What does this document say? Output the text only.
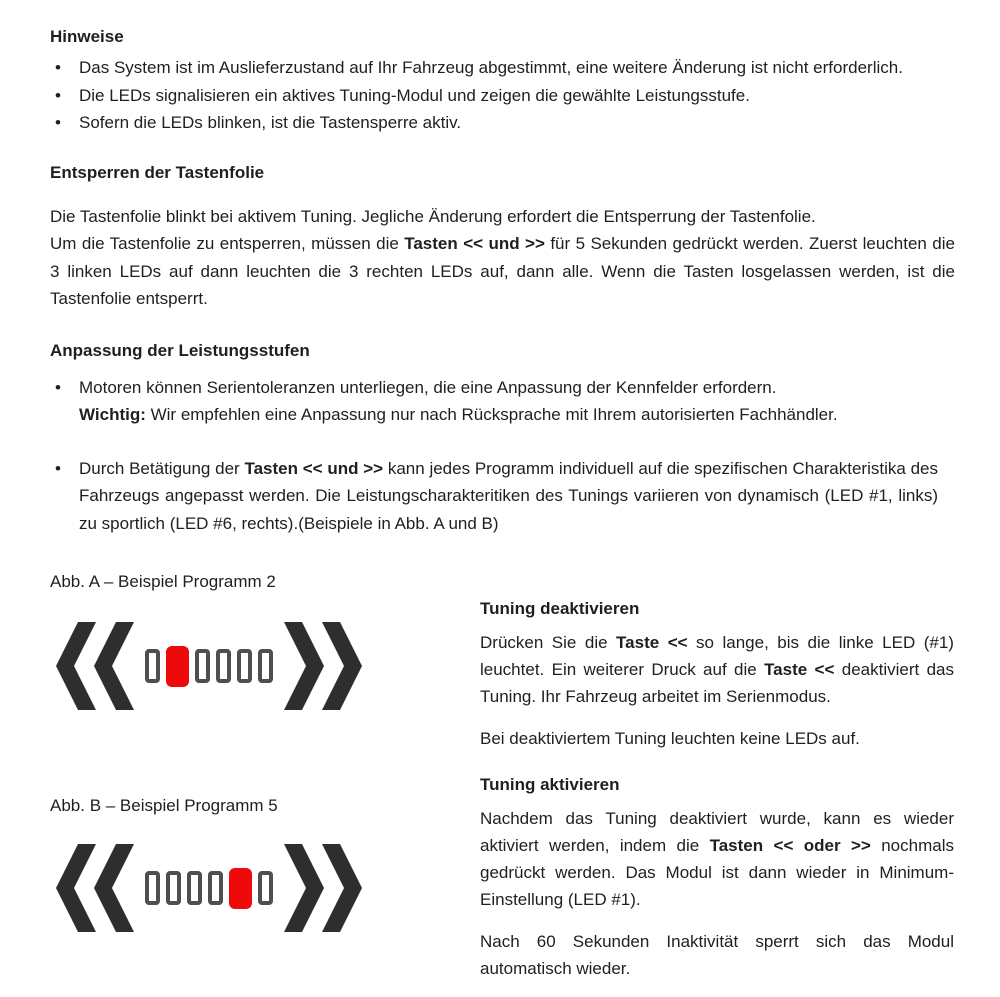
Hinweise

• Das System ist im Auslieferzustand auf Ihr Fahrzeug abgestimmt, eine weitere Änderung ist nicht erforderlich.

• Die LEDs signalisieren ein aktives Tuning-Modul und zeigen die gewählte Leistungsstufe.

• Sofern die LEDs blinken, ist die Tastensperre aktiv.

Entsperren der Tastenfolie

Die Tastenfolie blinkt bei aktivem Tuning. Jegliche Änderung erfordert die Entsperrung der Tastenfolie.
Um die Tastenfolie zu entsperren, müssen die Tasten << und >> für 5 Sekunden gedrückt werden. Zuerst leuchten die 3 linken LEDs auf dann leuchten die 3 rechten LEDs auf, dann alle. Wenn die Tasten losgelassen werden, ist die Tastenfolie entsperrt.

Anpassung der Leistungsstufen

• Motoren können Serientoleranzen unterliegen, die eine Anpassung der Kennfelder erfordern.
Wichtig: Wir empfehlen eine Anpassung nur nach Rücksprache mit Ihrem autorisierten Fachhändler.

• Durch Betätigung der Tasten << und >> kann jedes Programm individuell auf die spezifischen Charakteristika des Fahrzeugs angepasst werden. Die Leistungscharakteritiken des Tunings variieren von dynamisch (LED #1, links) zu sportlich (LED #6, rechts).(Beispiele in Abb. A und B)

Abb. A – Beispiel Programm 2

Abb. B – Beispiel Programm 5

Tuning deaktivieren

Drücken Sie die Taste << so lange, bis die linke LED (#1) leuchtet. Ein weiterer Druck auf die Taste << deaktiviert das Tuning. Ihr Fahrzeug arbeitet im Serienmodus.

Bei deaktiviertem Tuning leuchten keine LEDs auf.

Tuning aktivieren

Nachdem das Tuning deaktiviert wurde, kann es wieder aktiviert werden, indem die Tasten << oder >> nochmals gedrückt werden. Das Modul ist dann wieder in Minimum-Einstellung (LED #1).

Nach 60 Sekunden Inaktivität sperrt sich das Modul automatisch wieder.
